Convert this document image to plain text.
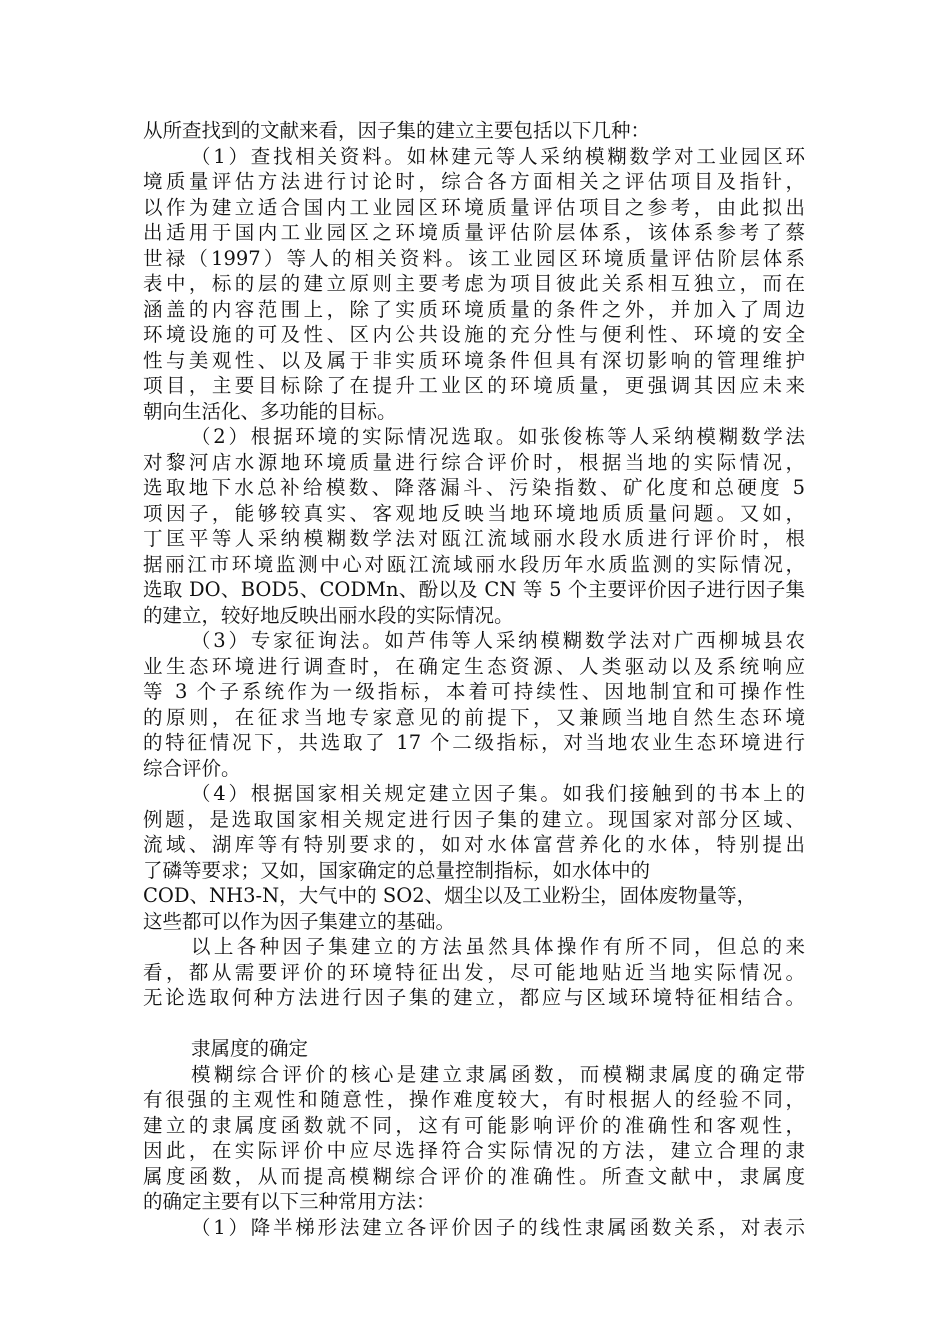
从所查找到的文献来看，因子集的建立主要包括以下几种：
（1）查找相关资料。如林建元等人采纳模糊数学对工业园区环
境质量评估方法进行讨论时，综合各方面相关之评估项目及指针，
以作为建立适合国内工业园区环境质量评估项目之参考，由此拟出
出适用于国内工业园区之环境质量评估阶层体系，该体系参考了蔡
世禄（1997）等人的相关资料。该工业园区环境质量评估阶层体系
表中，标的层的建立原则主要考虑为项目彼此关系相互独立，而在
涵盖的内容范围上，除了实质环境质量的条件之外，并加入了周边
环境设施的可及性、区内公共设施的充分性与便利性、环境的安全
性与美观性、以及属于非实质环境条件但具有深切影响的管理维护
项目，主要目标除了在提升工业区的环境质量，更强调其因应未来
朝向生活化、多功能的目标。
（2）根据环境的实际情况选取。如张俊栋等人采纳模糊数学法
对黎河店水源地环境质量进行综合评价时，根据当地的实际情况，
选取地下水总补给模数、降落漏斗、污染指数、矿化度和总硬度 5
项因子，能够较真实、客观地反映当地环境地质质量问题。又如，
丁匡平等人采纳模糊数学法对瓯江流域丽水段水质进行评价时，根
据丽江市环境监测中心对瓯江流域丽水段历年水质监测的实际情况，
选取 DO、BOD5、CODMn、酚以及 CN 等 5 个主要评价因子进行因子集
的建立，较好地反映出丽水段的实际情况。
（3）专家征询法。如芦伟等人采纳模糊数学法对广西柳城县农
业生态环境进行调查时，在确定生态资源、人类驱动以及系统响应
等 3 个子系统作为一级指标，本着可持续性、因地制宜和可操作性
的原则，在征求当地专家意见的前提下，又兼顾当地自然生态环境
的特征情况下，共选取了 17 个二级指标，对当地农业生态环境进行
综合评价。
（4）根据国家相关规定建立因子集。如我们接触到的书本上的
例题，是选取国家相关规定进行因子集的建立。现国家对部分区域、
流域、湖库等有特别要求的，如对水体富营养化的水体，特别提出
了磷等要求；又如，国家确定的总量控制指标，如水体中的
COD、NH3-N，大气中的 SO2、烟尘以及工业粉尘，固体废物量等，
这些都可以作为因子集建立的基础。
以上各种因子集建立的方法虽然具体操作有所不同，但总的来
看，都从需要评价的环境特征出发，尽可能地贴近当地实际情况。
无论选取何种方法进行因子集的建立，都应与区域环境特征相结合。
隶属度的确定
模糊综合评价的核心是建立隶属函数，而模糊隶属度的确定带
有很强的主观性和随意性，操作难度较大，有时根据人的经验不同，
建立的隶属度函数就不同，这有可能影响评价的准确性和客观性，
因此，在实际评价中应尽选择符合实际情况的方法，建立合理的隶
属度函数，从而提高模糊综合评价的准确性。所查文献中，隶属度
的确定主要有以下三种常用方法：
（1）降半梯形法建立各评价因子的线性隶属函数关系，对表示
